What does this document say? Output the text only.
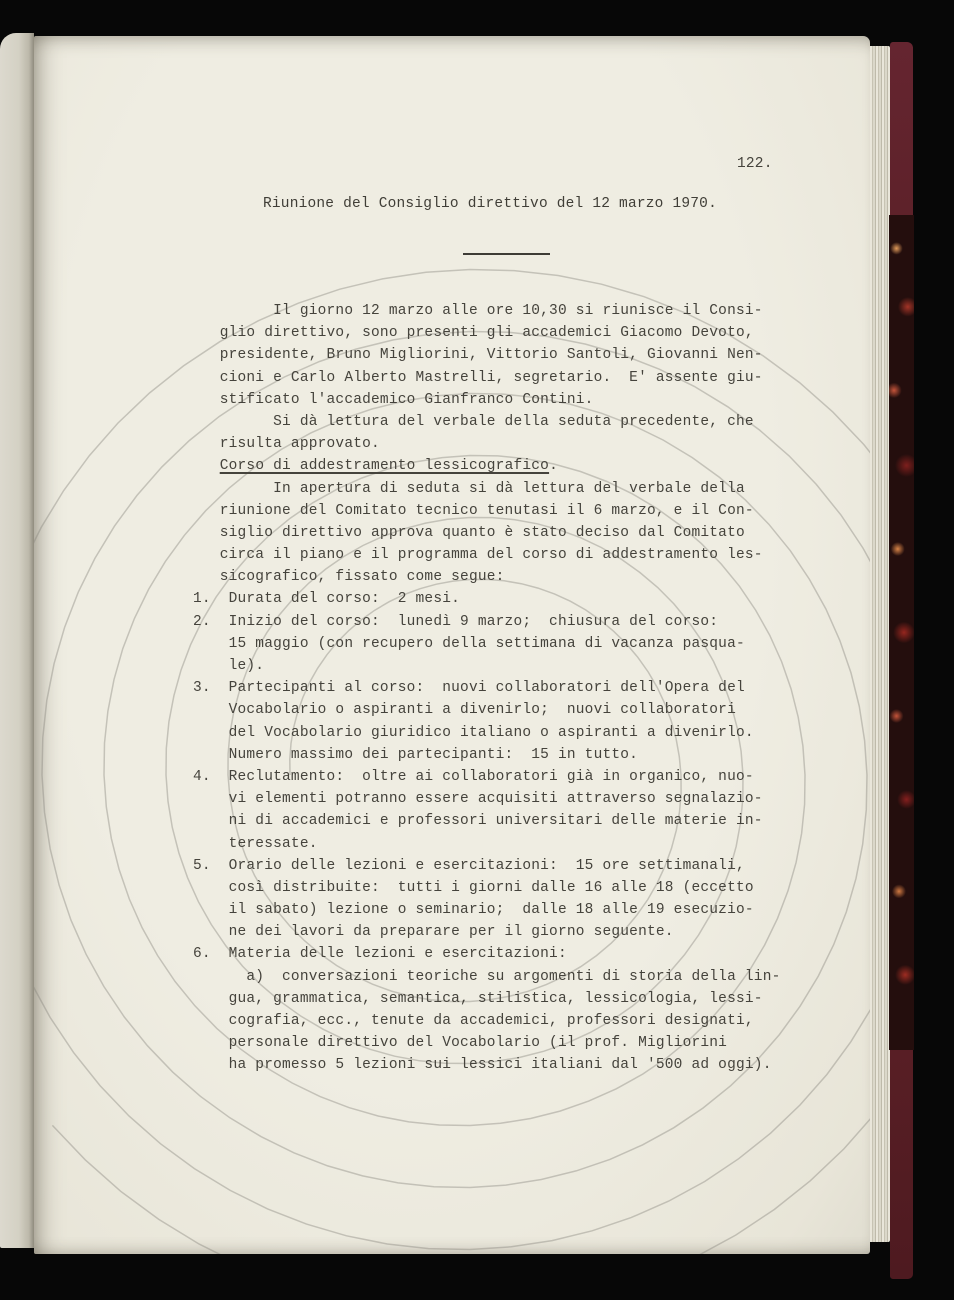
122.
Riunione del Consiglio direttivo del 12 marzo 1970.
Il giorno 12 marzo alle ore 10,30 si riunisce il Consi-
glio direttivo, sono presenti gli accademici Giacomo Devoto,
presidente, Bruno Migliorini, Vittorio Santoli, Giovanni Nen-
cioni e Carlo Alberto Mastrelli, segretario.  E' assente giu-
stificato l'accademico Gianfranco Contini.
Si dà lettura del verbale della seduta precedente, che
risulta approvato.
Corso di addestramento lessicografico.
In apertura di seduta si dà lettura del verbale della
riunione del Comitato tecnico tenutasi il 6 marzo, e il Con-
siglio direttivo approva quanto è stato deciso dal Comitato
circa il piano e il programma del corso di addestramento les-
sicografico, fissato come segue:
1.  Durata del corso:  2 mesi.
2.  Inizio del corso:  lunedì 9 marzo;  chiusura del corso:
15 maggio (con recupero della settimana di vacanza pasqua-
le).
3.  Partecipanti al corso:  nuovi collaboratori dell'Opera del
Vocabolario o aspiranti a divenirlo;  nuovi collaboratori
del Vocabolario giuridico italiano o aspiranti a divenirlo.
Numero massimo dei partecipanti:  15 in tutto.
4.  Reclutamento:  oltre ai collaboratori già in organico, nuo-
vi elementi potranno essere acquisiti attraverso segnalazio-
ni di accademici e professori universitari delle materie in-
teressate.
5.  Orario delle lezioni e esercitazioni:  15 ore settimanali,
così distribuite:  tutti i giorni dalle 16 alle 18 (eccetto
il sabato) lezione o seminario;  dalle 18 alle 19 esecuzio-
ne dei lavori da preparare per il giorno seguente.
6.  Materia delle lezioni e esercitazioni:
a)  conversazioni teoriche su argomenti di storia della lin-
gua, grammatica, semantica, stilistica, lessicologia, lessi-
cografia, ecc., tenute da accademici, professori designati,
personale direttivo del Vocabolario (il prof. Migliorini
ha promesso 5 lezioni sui lessici italiani dal '500 ad oggi).
